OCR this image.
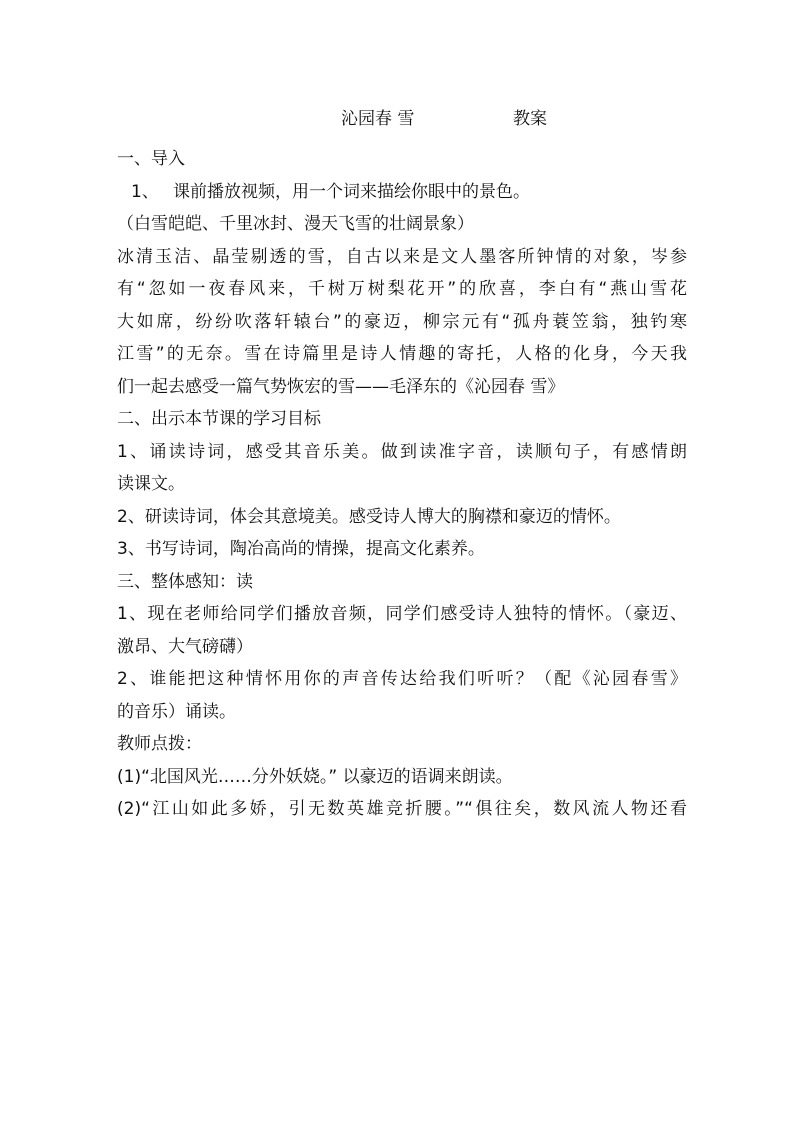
沁园春 雪	教案
一、导入
1、 课前播放视频，用一个词来描绘你眼中的景色。
（白雪皑皑、千里冰封、漫天飞雪的壮阔景象）
冰清玉洁、晶莹剔透的雪，自古以来是文人墨客所钟情的对象，岑参
有“忽如一夜春风来，千树万树梨花开”的欣喜，李白有“燕山雪花
大如席，纷纷吹落轩辕台”的豪迈，柳宗元有“孤舟蓑笠翁，独钓寒
江雪”的无奈。雪在诗篇里是诗人情趣的寄托，人格的化身，今天我
们一起去感受一篇气势恢宏的雪——毛泽东的《沁园春 雪》
二、出示本节课的学习目标
1、诵读诗词，感受其音乐美。做到读准字音，读顺句子，有感情朗
读课文。
2、研读诗词，体会其意境美。感受诗人博大的胸襟和豪迈的情怀。
3、书写诗词，陶冶高尚的情操，提高文化素养。
三、整体感知：读
1、现在老师给同学们播放音频，同学们感受诗人独特的情怀。（豪迈、
激昂、大气磅礴）
2、谁能把这种情怀用你的声音传达给我们听听？（配《沁园春雪》
的音乐）诵读。
教师点拨：
(1)“北国风光……分外妖娆。” 以豪迈的语调来朗读。
(2)“江山如此多娇，引无数英雄竞折腰。”“俱往矣，数风流人物还看
